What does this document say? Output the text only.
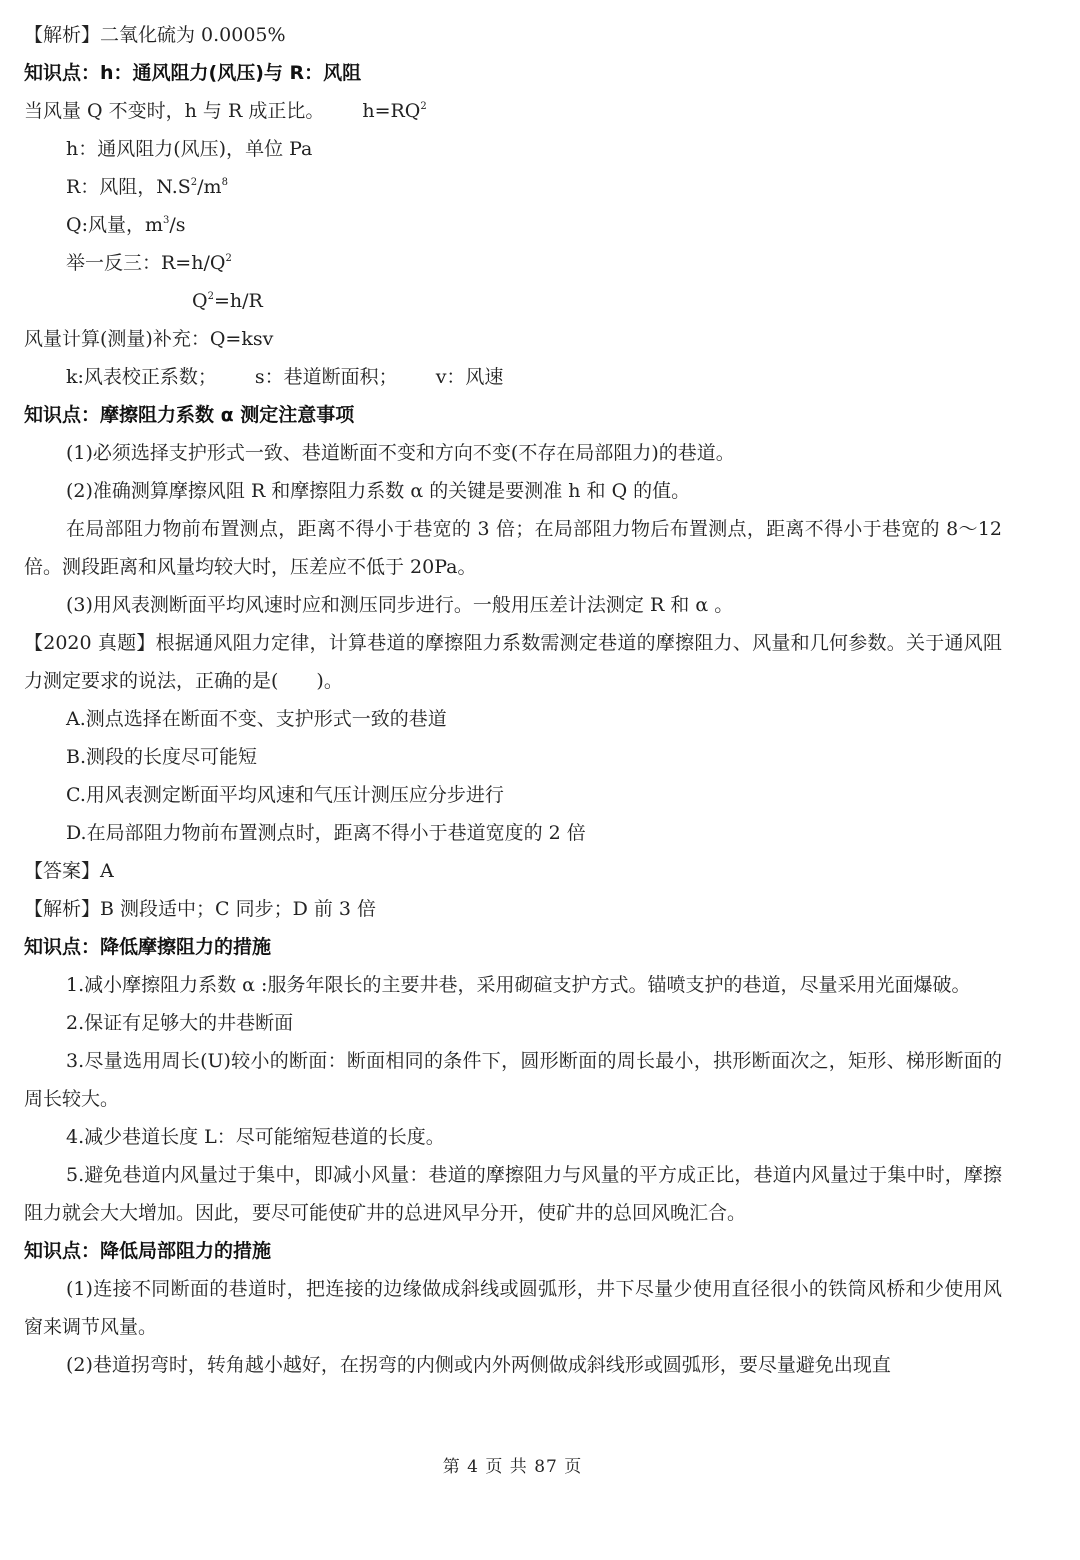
【解析】二氧化硫为 0.0005%
知识点：h：通风阻力(风压)与 R：风阻
当风量 Q 不变时，h 与 R 成正比。 $h=RQ^2$
h：通风阻力(风压)，单位 Pa
R：风阻，$N.S^2/m^8$
Q:风量，$m^3/s$
举一反三：$R=h/Q^2$
$Q^2=h/R$
风量计算(测量)补充：Q=ksv
k:风表校正系数； s：巷道断面积； v：风速
知识点：摩擦阻力系数 α 测定注意事项
(1)必须选择支护形式一致、巷道断面不变和方向不变(不存在局部阻力)的巷道。
(2)准确测算摩擦风阻 R 和摩擦阻力系数 α 的关键是要测准 h 和 Q 的值。
在局部阻力物前布置测点，距离不得小于巷宽的 3 倍；在局部阻力物后布置测点，距离不得小于巷宽的 8～12 倍。测段距离和风量均较大时，压差应不低于 20Pa。
(3)用风表测断面平均风速时应和测压同步进行。一般用压差计法测定 R 和 α 。
【2020 真题】根据通风阻力定律，计算巷道的摩擦阻力系数需测定巷道的摩擦阻力、风量和几何参数。关于通风阻力测定要求的说法，正确的是(　　)。
A.测点选择在断面不变、支护形式一致的巷道
B.测段的长度尽可能短
C.用风表测定断面平均风速和气压计测压应分步进行
D.在局部阻力物前布置测点时，距离不得小于巷道宽度的 2 倍
【答案】A
【解析】B 测段适中；C 同步；D 前 3 倍
知识点：降低摩擦阻力的措施
1.减小摩擦阻力系数 α :服务年限长的主要井巷，采用砌碹支护方式。锚喷支护的巷道，尽量采用光面爆破。
2.保证有足够大的井巷断面
3.尽量选用周长(U)较小的断面：断面相同的条件下，圆形断面的周长最小，拱形断面次之，矩形、梯形断面的周长较大。
4.减少巷道长度 L：尽可能缩短巷道的长度。
5.避免巷道内风量过于集中，即减小风量：巷道的摩擦阻力与风量的平方成正比，巷道内风量过于集中时，摩擦阻力就会大大增加。因此，要尽可能使矿井的总进风早分开，使矿井的总回风晚汇合。
知识点：降低局部阻力的措施
(1)连接不同断面的巷道时，把连接的边缘做成斜线或圆弧形，井下尽量少使用直径很小的铁筒风桥和少使用风窗来调节风量。
(2)巷道拐弯时，转角越小越好，在拐弯的内侧或内外两侧做成斜线形或圆弧形，要尽量避免出现直
第 4 页 共 87 页
